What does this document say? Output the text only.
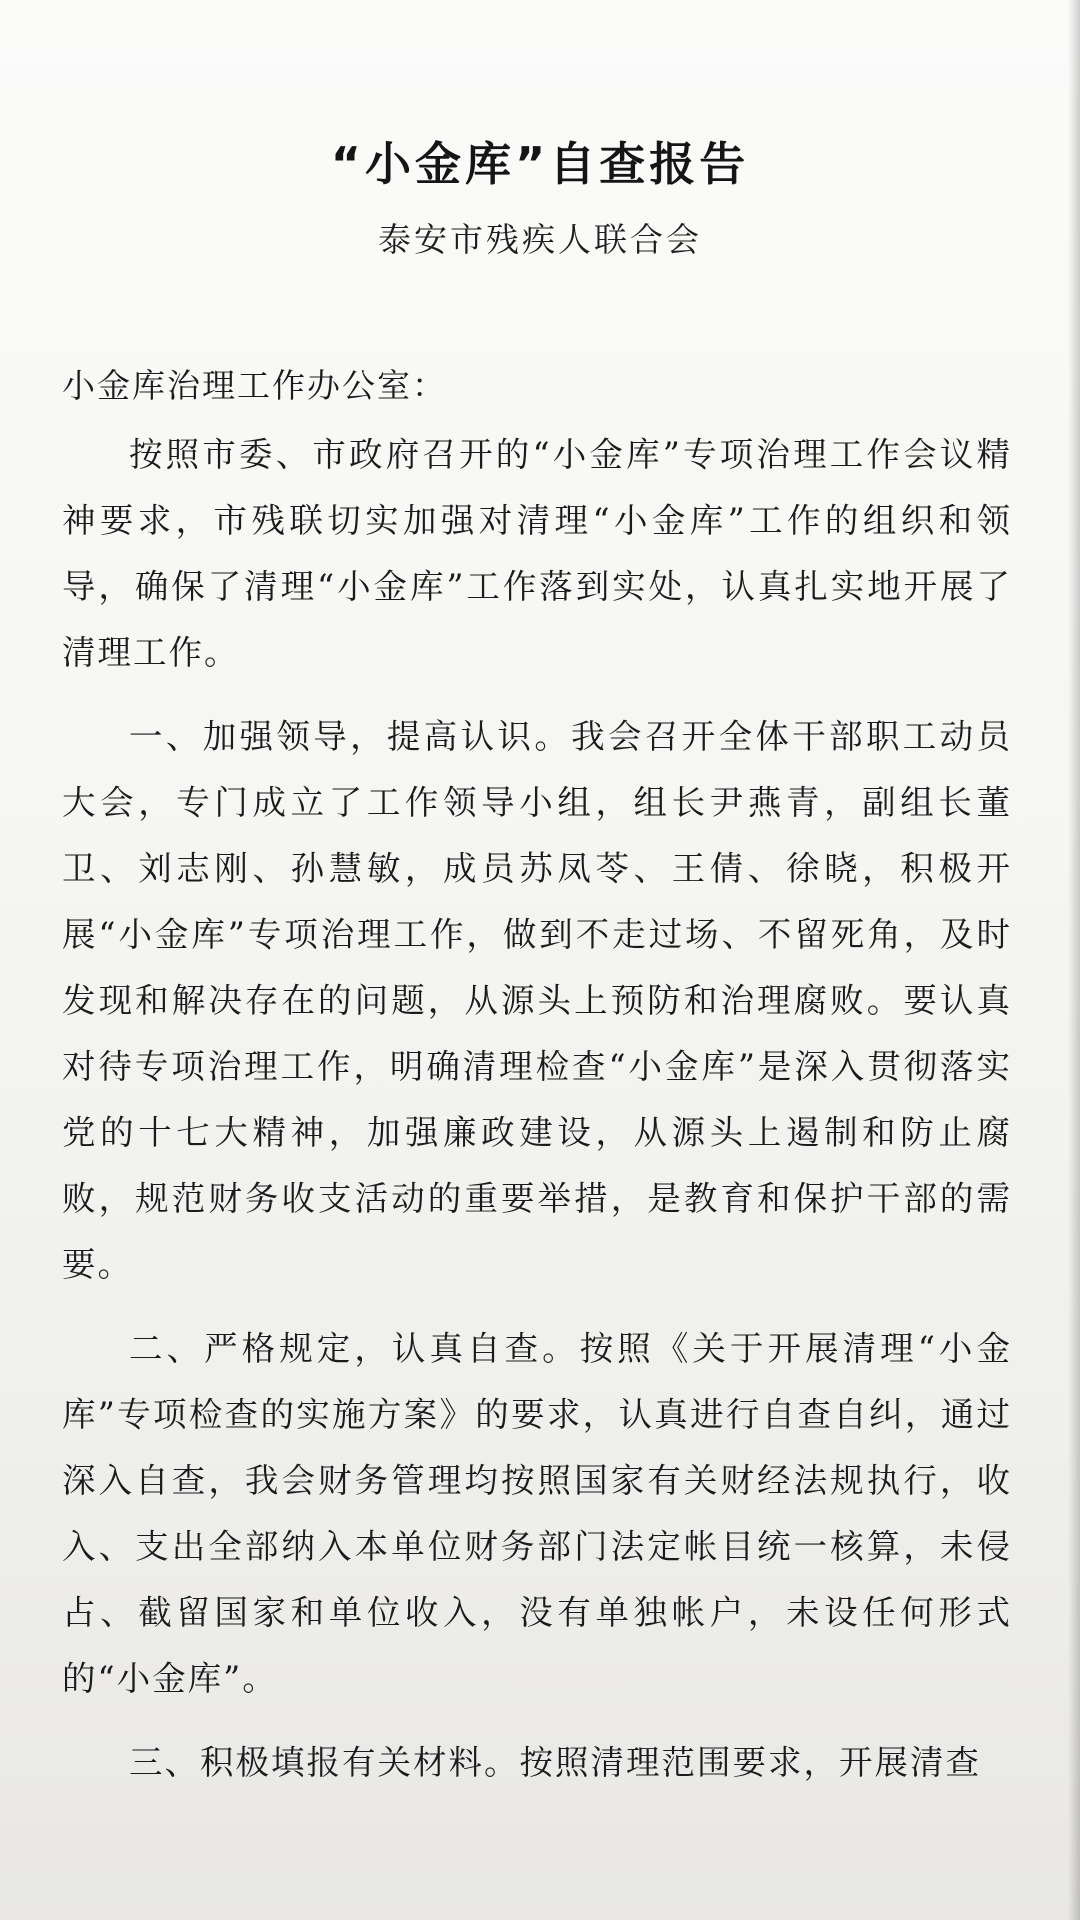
“小金库”自查报告
泰安市残疾人联合会
小金库治理工作办公室：

按照市委、市政府召开的“小金库”专项治理工作会议精神要求，市残联切实加强对清理“小金库”工作的组织和领导，确保了清理“小金库”工作落到实处，认真扎实地开展了清理工作。

一、加强领导，提高认识。我会召开全体干部职工动员大会，专门成立了工作领导小组，组长尹燕青，副组长董卫、刘志刚、孙慧敏，成员苏凤苓、王倩、徐晓，积极开展“小金库”专项治理工作，做到不走过场、不留死角，及时发现和解决存在的问题，从源头上预防和治理腐败。要认真对待专项治理工作，明确清理检查“小金库”是深入贯彻落实党的十七大精神，加强廉政建设，从源头上遏制和防止腐败，规范财务收支活动的重要举措，是教育和保护干部的需要。

二、严格规定，认真自查。按照《关于开展清理“小金库”专项检查的实施方案》的要求，认真进行自查自纠，通过深入自查，我会财务管理均按照国家有关财经法规执行，收入、支出全部纳入本单位财务部门法定帐目统一核算，未侵占、截留国家和单位收入，没有单独帐户，未设任何形式的“小金库”。

三、积极填报有关材料。按照清理范围要求，开展清查
